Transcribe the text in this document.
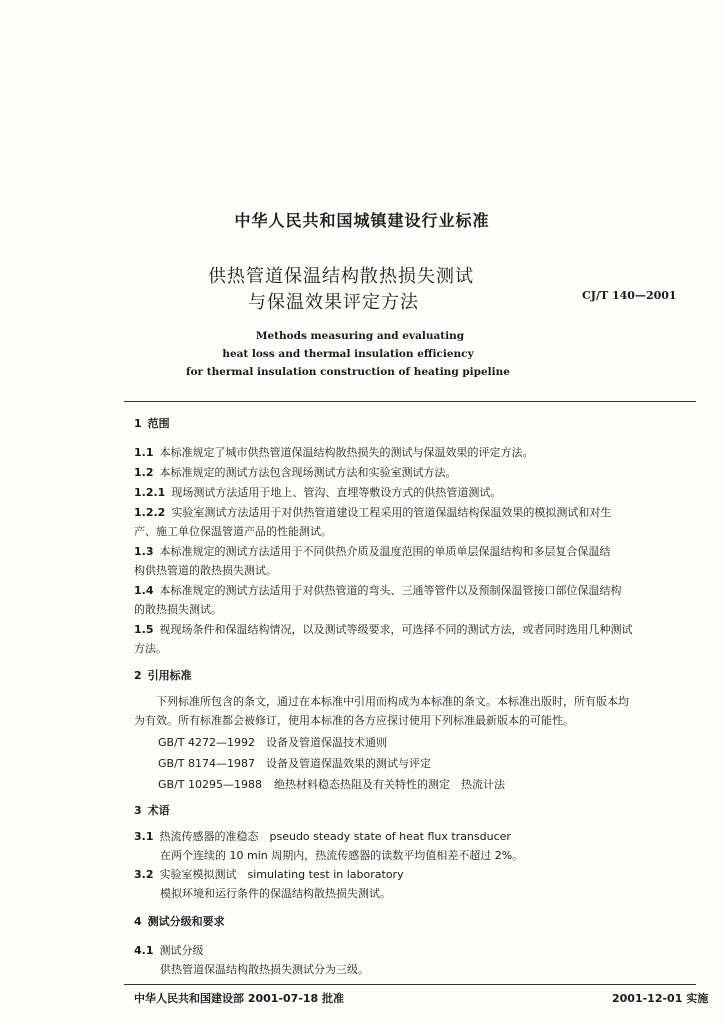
中华人民共和国城镇建设行业标准
供热管道保温结构散热损失测试
与保温效果评定方法	CJ/T 140—2001
Methods measuring and evaluating
heat loss and thermal insulation efficiency
for thermal insulation construction of heating pipeline
1 范围
1.1 本标准规定了城市供热管道保温结构散热损失的测试与保温效果的评定方法。
1.2 本标准规定的测试方法包含现场测试方法和实验室测试方法。
1.2.1 现场测试方法适用于地上、管沟、直埋等敷设方式的供热管道测试。
1.2.2 实验室测试方法适用于对供热管道建设工程采用的管道保温结构保温效果的模拟测试和对生
产、施工单位保温管道产品的性能测试。
1.3 本标准规定的测试方法适用于不同供热介质及温度范围的单质单层保温结构和多层复合保温结
构供热管道的散热损失测试。
1.4 本标准规定的测试方法适用于对供热管道的弯头、三通等管件以及预制保温管接口部位保温结构
的散热损失测试。
1.5 视现场条件和保温结构情况，以及测试等级要求，可选择不同的测试方法，或者同时选用几种测试
方法。
2 引用标准
下列标准所包含的条文，通过在本标准中引用而构成为本标准的条文。本标准出版时，所有版本均
为有效。所有标准都会被修订，使用本标准的各方应探讨使用下列标准最新版本的可能性。
GB/T 4272—1992 设备及管道保温技术通则
GB/T 8174—1987 设备及管道保温效果的测试与评定
GB/T 10295—1988 绝热材料稳态热阻及有关特性的测定　热流计法
3 术语
3.1 热流传感器的准稳态　pseudo steady state of heat flux transducer
在两个连续的 10 min 周期内，热流传感器的读数平均值相差不超过 2%。
3.2 实验室模拟测试　simulating test in laboratory
模拟环境和运行条件的保温结构散热损失测试。
4 测试分级和要求
4.1 测试分级
供热管道保温结构散热损失测试分为三级。
中华人民共和国建设部 2001-07-18 批准	2001-12-01 实施
